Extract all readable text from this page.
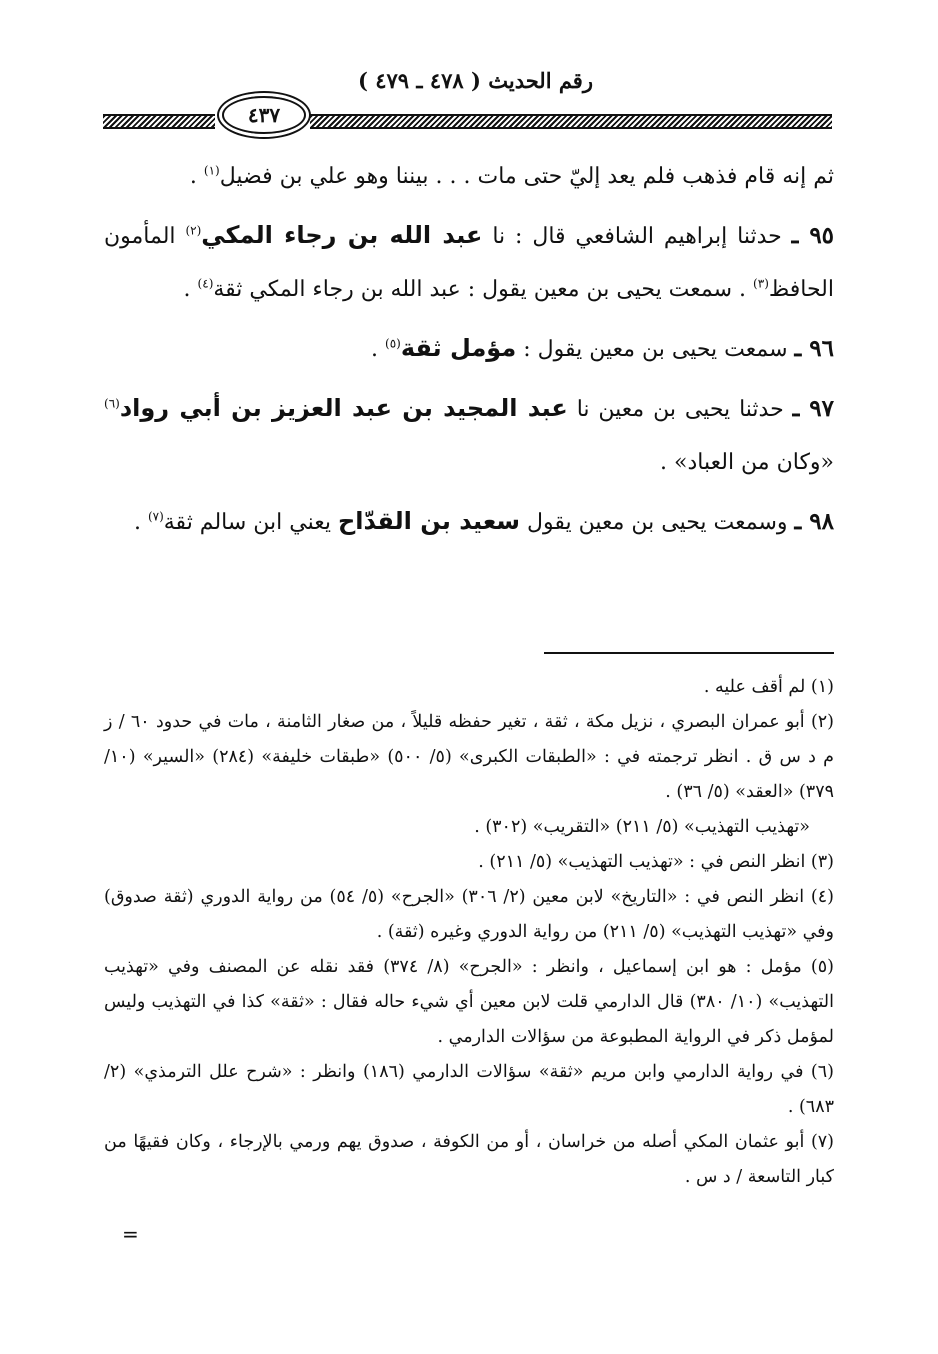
رقم الحديث ( ٤٧٨ ـ ٤٧٩ )
٤٣٧

ثم إنه قام فذهب فلم يعد إليّ حتى مات . . . بيننا وهو علي بن فضيل$^{(١)}$ .

٩٥ ـ حدثنا إبراهيم الشافعي قال : نا عبد الله بن رجاء المكي$^{(٢)}$ المأمون الحافظ$^{(٣)}$ . سمعت يحيى بن معين يقول : عبد الله بن رجاء المكي ثقة$^{(٤)}$ .

٩٦ ـ سمعت يحيى بن معين يقول : مؤمل ثقة$^{(٥)}$ .

٩٧ ـ حدثنا يحيى بن معين نا عبد المجيد بن عبد العزيز بن أبي رواد$^{(٦)}$ «وكان من العباد» .

٩٨ ـ وسمعت يحيى بن معين يقول سعيد بن القدّاح يعني ابن سالم ثقة$^{(٧)}$ .

(١) لم أقف عليه .

(٢) أبو عمران البصري ، نزيل مكة ، ثقة ، تغير حفظه قليلاً ، من صغار الثامنة ، مات في حدود ٦٠ / ز م د س ق . انظر ترجمته في : «الطبقات الكبرى» (٥/ ٥٠٠) «طبقات خليفة» (٢٨٤) «السير» (١٠/ ٣٧٩) «العقد» (٥/ ٣٦) .

«تهذيب التهذيب» (٥/ ٢١١) «التقريب» (٣٠٢) .

(٣) انظر النص في : «تهذيب التهذيب» (٥/ ٢١١) .

(٤) انظر النص في : «التاريخ» لابن معين (٢/ ٣٠٦) «الجرح» (٥/ ٥٤) من رواية الدوري (ثقة صدوق) وفي «تهذيب التهذيب» (٥/ ٢١١) من رواية الدوري وغيره (ثقة) .

(٥) مؤمل : هو ابن إسماعيل ، وانظر : «الجرح» (٨/ ٣٧٤) فقد نقله عن المصنف وفي «تهذيب التهذيب» (١٠/ ٣٨٠) قال الدارمي قلت لابن معين أي شيء حاله فقال : «ثقة» كذا في التهذيب وليس لمؤمل ذكر في الرواية المطبوعة من سؤالات الدارمي .

(٦) في رواية الدارمي وابن مريم «ثقة» سؤالات الدارمي (١٨٦) وانظر : «شرح علل الترمذي» (٢/ ٦٨٣) .

(٧) أبو عثمان المكي أصله من خراسان ، أو من الكوفة ، صدوق يهم ورمي بالإرجاء ، وكان فقيهًا من كبار التاسعة / د س .

=
